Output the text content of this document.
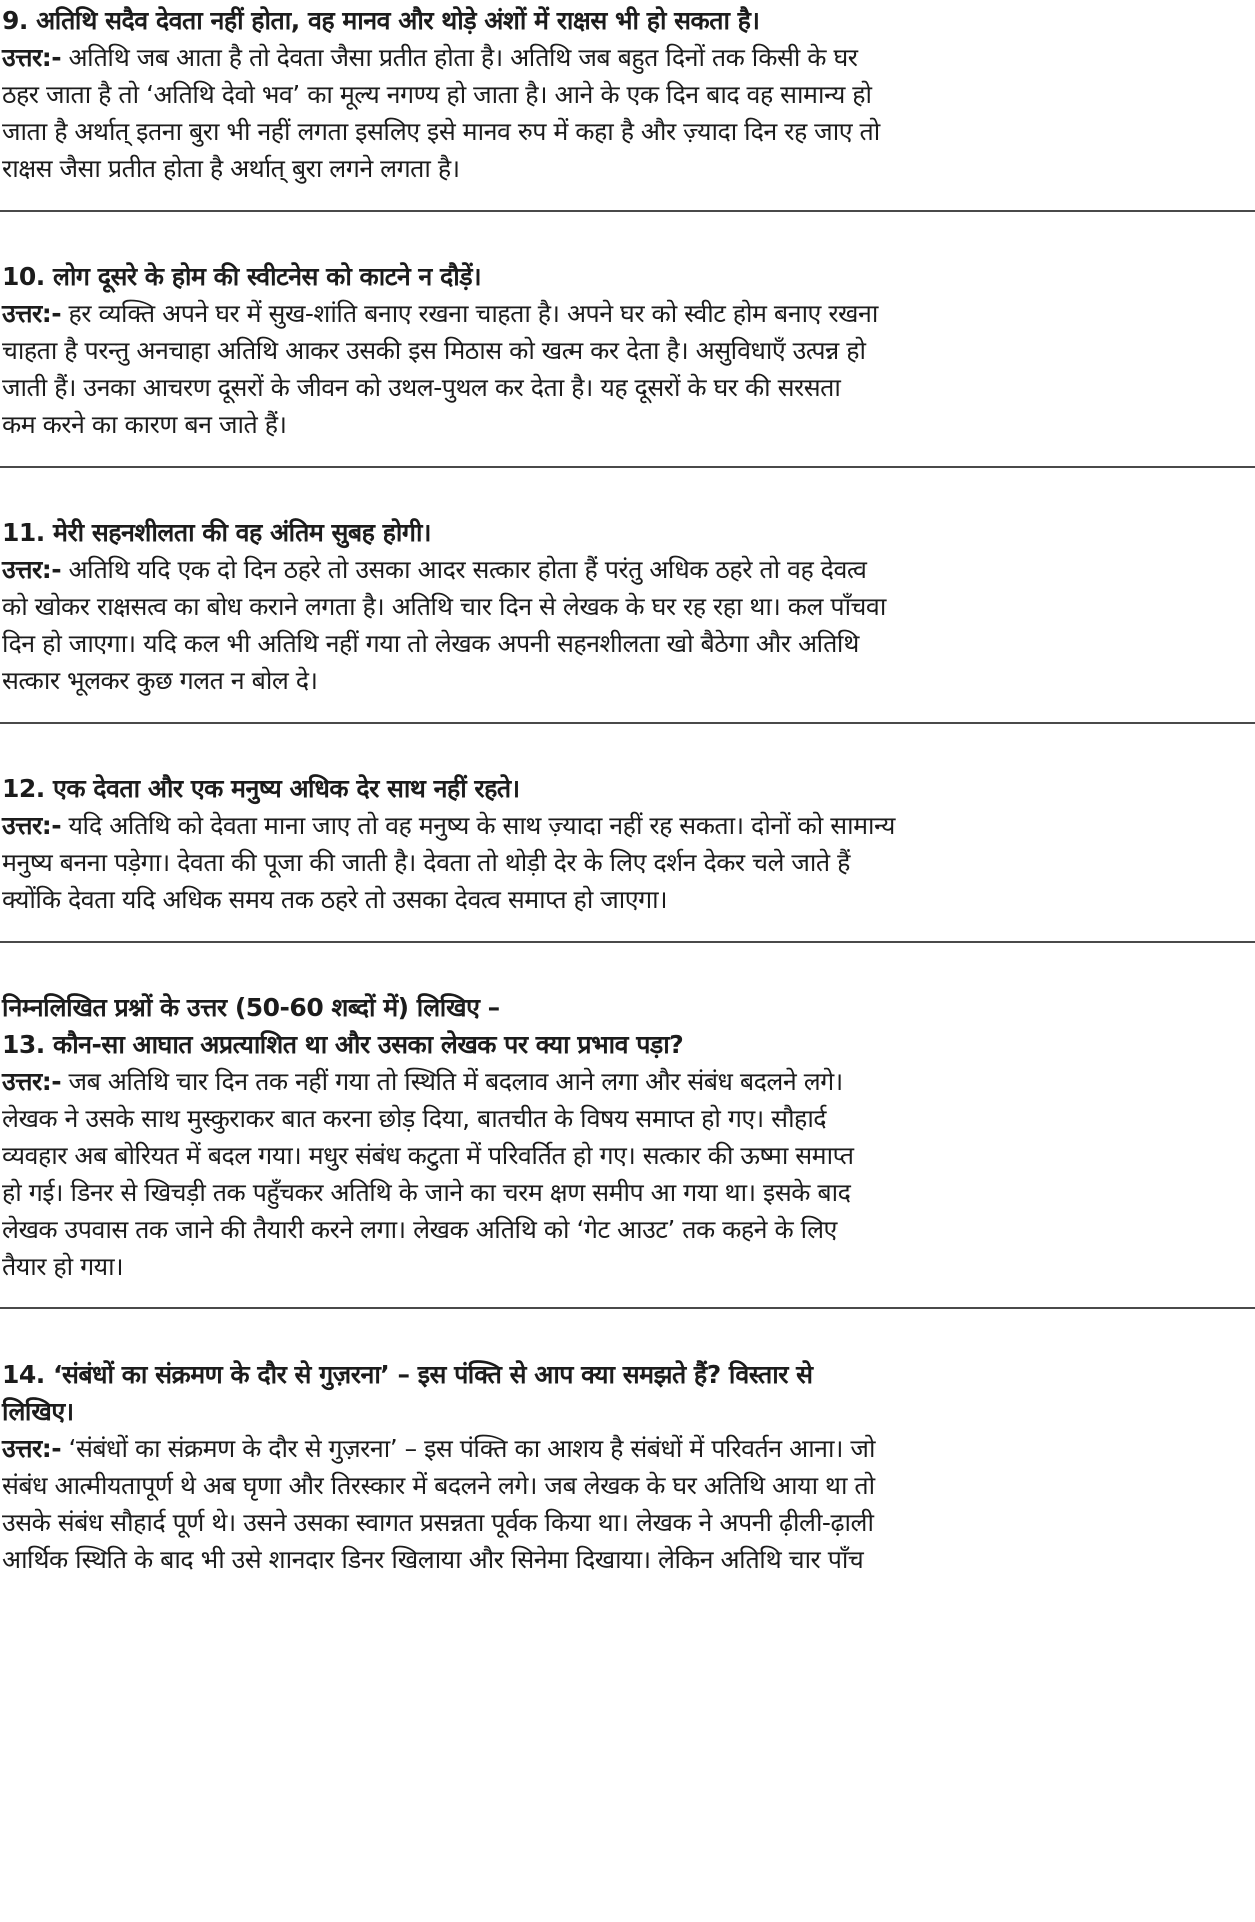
9. अतिथि सदैव देवता नहीं होता, वह मानव और थोड़े अंशों में राक्षस भी हो सकता है।
उत्तर:- अतिथि जब आता है तो देवता जैसा प्रतीत होता है। अतिथि जब बहुत दिनों तक किसी के घर
ठहर जाता है तो ‘अतिथि देवो भव’ का मूल्य नगण्य हो जाता है। आने के एक दिन बाद वह सामान्य हो
जाता है अर्थात् इतना बुरा भी नहीं लगता इसलिए इसे मानव रुप में कहा है और ज़्यादा दिन रह जाए तो
राक्षस जैसा प्रतीत होता है अर्थात् बुरा लगने लगता है।
10. लोग दूसरे के होम की स्वीटनेस को काटने न दौड़ें।
उत्तर:- हर व्यक्ति अपने घर में सुख-शांति बनाए रखना चाहता है। अपने घर को स्वीट होम बनाए रखना
चाहता है परन्तु अनचाहा अतिथि आकर उसकी इस मिठास को खत्म कर देता है। असुविधाएँ उत्पन्न हो
जाती हैं। उनका आचरण दूसरों के जीवन को उथल-पुथल कर देता है। यह दूसरों के घर की सरसता
कम करने का कारण बन जाते हैं।
11. मेरी सहनशीलता की वह अंतिम सुबह होगी।
उत्तर:- अतिथि यदि एक दो दिन ठहरे तो उसका आदर सत्कार होता हैं परंतु अधिक ठहरे तो वह देवत्व
को खोकर राक्षसत्व का बोध कराने लगता है। अतिथि चार दिन से लेखक के घर रह रहा था। कल पाँचवा
दिन हो जाएगा। यदि कल भी अतिथि नहीं गया तो लेखक अपनी सहनशीलता खो बैठेगा और अतिथि
सत्कार भूलकर कुछ गलत न बोल दे।
12. एक देवता और एक मनुष्य अधिक देर साथ नहीं रहते।
उत्तर:- यदि अतिथि को देवता माना जाए तो वह मनुष्य के साथ ज़्यादा नहीं रह सकता। दोनों को सामान्य
मनुष्य बनना पड़ेगा। देवता की पूजा की जाती है। देवता तो थोड़ी देर के लिए दर्शन देकर चले जाते हैं
क्योंकि देवता यदि अधिक समय तक ठहरे तो उसका देवत्व समाप्त हो जाएगा।
निम्नलिखित प्रश्नों के उत्तर (50-60 शब्दों में) लिखिए –
13. कौन-सा आघात अप्रत्याशित था और उसका लेखक पर क्या प्रभाव पड़ा?
उत्तर:- जब अतिथि चार दिन तक नहीं गया तो स्थिति में बदलाव आने लगा और संबंध बदलने लगे।
लेखक ने उसके साथ मुस्कुराकर बात करना छोड़ दिया, बातचीत के विषय समाप्त हो गए। सौहार्द
व्यवहार अब बोरियत में बदल गया। मधुर संबंध कटुता में परिवर्तित हो गए। सत्कार की ऊष्मा समाप्त
हो गई। डिनर से खिचड़ी तक पहुँचकर अतिथि के जाने का चरम क्षण समीप आ गया था। इसके बाद
लेखक उपवास तक जाने की तैयारी करने लगा। लेखक अतिथि को ‘गेट आउट’ तक कहने के लिए
तैयार हो गया।
14. ‘संबंधों का संक्रमण के दौर से गुज़रना’ – इस पंक्ति से आप क्या समझते हैं? विस्तार से
लिखिए।
उत्तर:- ‘संबंधों का संक्रमण के दौर से गुज़रना’ – इस पंक्ति का आशय है संबंधों में परिवर्तन आना। जो
संबंध आत्मीयतापूर्ण थे अब घृणा और तिरस्कार में बदलने लगे। जब लेखक के घर अतिथि आया था तो
उसके संबंध सौहार्द पूर्ण थे। उसने उसका स्वागत प्रसन्नता पूर्वक किया था। लेखक ने अपनी ढ़ीली-ढ़ाली
आर्थिक स्थिति के बाद भी उसे शानदार डिनर खिलाया और सिनेमा दिखाया। लेकिन अतिथि चार पाँच
